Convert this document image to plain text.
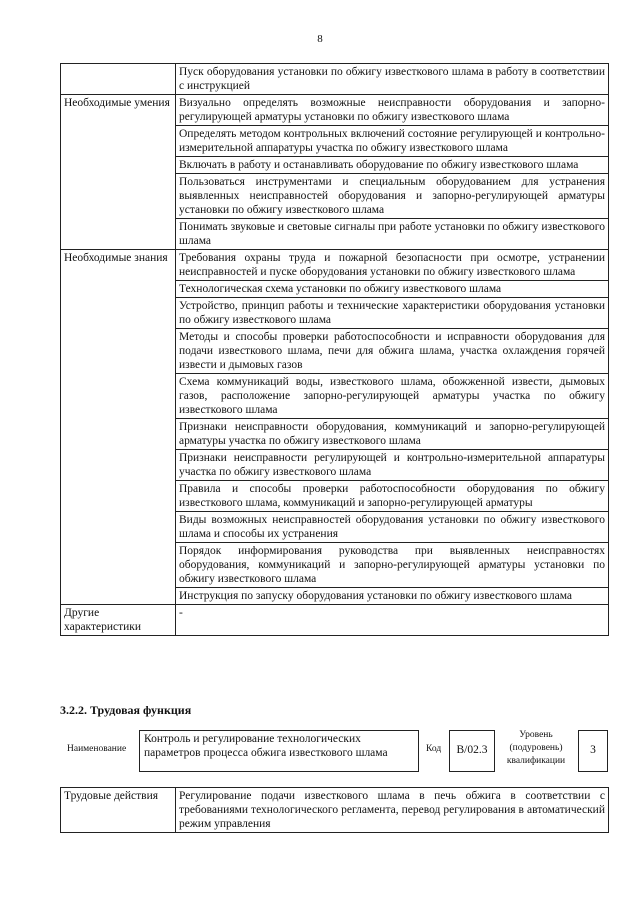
8
	Пуск оборудования установки по обжигу известкового шлама в работу в соответствии с инструкцией
Необходимые умения	Визуально определять возможные неисправности оборудования и запорно-регулирующей арматуры установки по обжигу известкового шлама
	Определять методом контрольных включений состояние регулирующей и контрольно-измерительной аппаратуры участка по обжигу известкового шлама
	Включать в работу и останавливать оборудование по обжигу известкового шлама
	Пользоваться инструментами и специальным оборудованием для устранения выявленных неисправностей оборудования и запорно-регулирующей арматуры установки по обжигу известкового шлама
	Понимать звуковые и световые сигналы при работе установки по обжигу известкового шлама
Необходимые знания	Требования охраны труда и пожарной безопасности при осмотре, устранении неисправностей и пуске оборудования установки по обжигу известкового шлама
	Технологическая схема установки по обжигу известкового шлама
	Устройство, принцип работы и технические характеристики оборудования установки по обжигу известкового шлама
	Методы и способы проверки работоспособности и исправности оборудования для подачи известкового шлама, печи для обжига шлама, участка охлаждения горячей извести и дымовых газов
	Схема коммуникаций воды, известкового шлама, обожженной извести, дымовых газов, расположение запорно-регулирующей арматуры участка по обжигу известкового шлама
	Признаки неисправности оборудования, коммуникаций и запорно-регулирующей арматуры участка по обжигу известкового шлама
	Признаки неисправности регулирующей и контрольно-измерительной аппаратуры участка по обжигу известкового шлама
	Правила и способы проверки работоспособности оборудования по обжигу известкового шлама, коммуникаций и запорно-регулирующей арматуры
	Виды возможных неисправностей оборудования установки по обжигу известкового шлама и способы их устранения
	Порядок информирования руководства при выявленных неисправностях оборудования, коммуникаций и запорно-регулирующей арматуры установки по обжигу известкового шлама
	Инструкция по запуску оборудования установки по обжигу известкового шлама
Другие характеристики	-
3.2.2. Трудовая функция
Наименование
Контроль и регулирование технологических параметров процесса обжига известкового шлама	Код	B/02.3
Уровень (подуровень) квалификации
3
Трудовые действия	Регулирование подачи известкового шлама в печь обжига в соответствии с требованиями технологического регламента, перевод регулирования в автоматический режим управления
